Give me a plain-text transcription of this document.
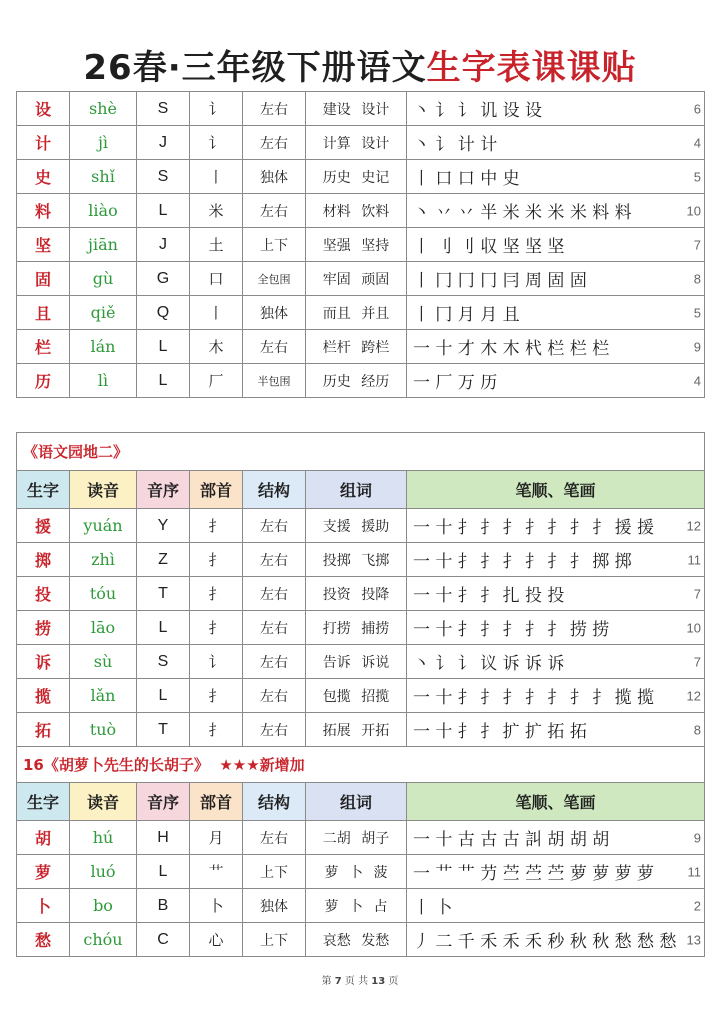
26春·三年级下册语文生字表课课贴
设	shè	S	讠	左右	建设 设计	丶 讠 讠 讥 设 设 6

计	jì	J	讠	左右	计算 设计	丶 讠 计 计 4

史	shǐ	S	丨	独体	历史 史记	丨 口 口 中 史 5

料	liào	L	米	左右	材料 饮料	丶 丷 丷 半 米 米 米 米 料 料 10

坚	jiān	J	土	上下	坚强 坚持	丨 刂 刂 収 坚 坚 坚 7

固	gù	G	口	全包围	牢固 顽固	丨 冂 冂 冂 冃 周 固 固 8

且	qiě	Q	丨	独体	而且 并且	丨 冂 月 月 且 5

栏	lán	L	木	左右	栏杆 跨栏	一 十 才 木 木 杙 栏 栏 栏 9

历	lì	L	厂	半包围	历史 经历	一 厂 万 历 4
《语文园地二》						
生字	读音	音序	部首	结构	组词	笔顺、笔画
援	yuán	Y	扌	左右	支援 援助	一 十 扌 扌 扌 扌 扌 扌 扌 援 援 12

掷	zhì	Z	扌	左右	投掷 飞掷	一 十 扌 扌 扌 扌 扌 扌 掷 掷 11

投	tóu	T	扌	左右	投资 投降	一 十 扌 扌 扎 投 投 7

捞	lāo	L	扌	左右	打捞 捕捞	一 十 扌 扌 扌 扌 扌 捞 捞 10

诉	sù	S	讠	左右	告诉 诉说	丶 讠 讠 议 诉 诉 诉 7

揽	lǎn	L	扌	左右	包揽 招揽	一 十 扌 扌 扌 扌 扌 扌 扌 揽 揽 12

拓	tuò	T	扌	左右	拓展 开拓	一 十 扌 扌 扩 扩 拓 拓 8

16《胡萝卜先生的长胡子》 ★★★新增加						
生字	读音	音序	部首	结构	组词	笔顺、笔画
胡	hú	H	月	左右	二胡 胡子	一 十 古 古 古 訆 胡 胡 胡 9

萝	luó	L	艹	上下	萝 卜 菠	一 艹 艹 芀 苎 苎 苎 萝 萝 萝 萝 11

卜	bo	B	卜	独体	萝 卜 占	丨 卜 2

愁	chóu	C	心	上下	哀愁 发愁	丿 二 千 禾 禾 禾 秒 秋 秋 愁 愁 愁 13
第 7 页 共 13 页
